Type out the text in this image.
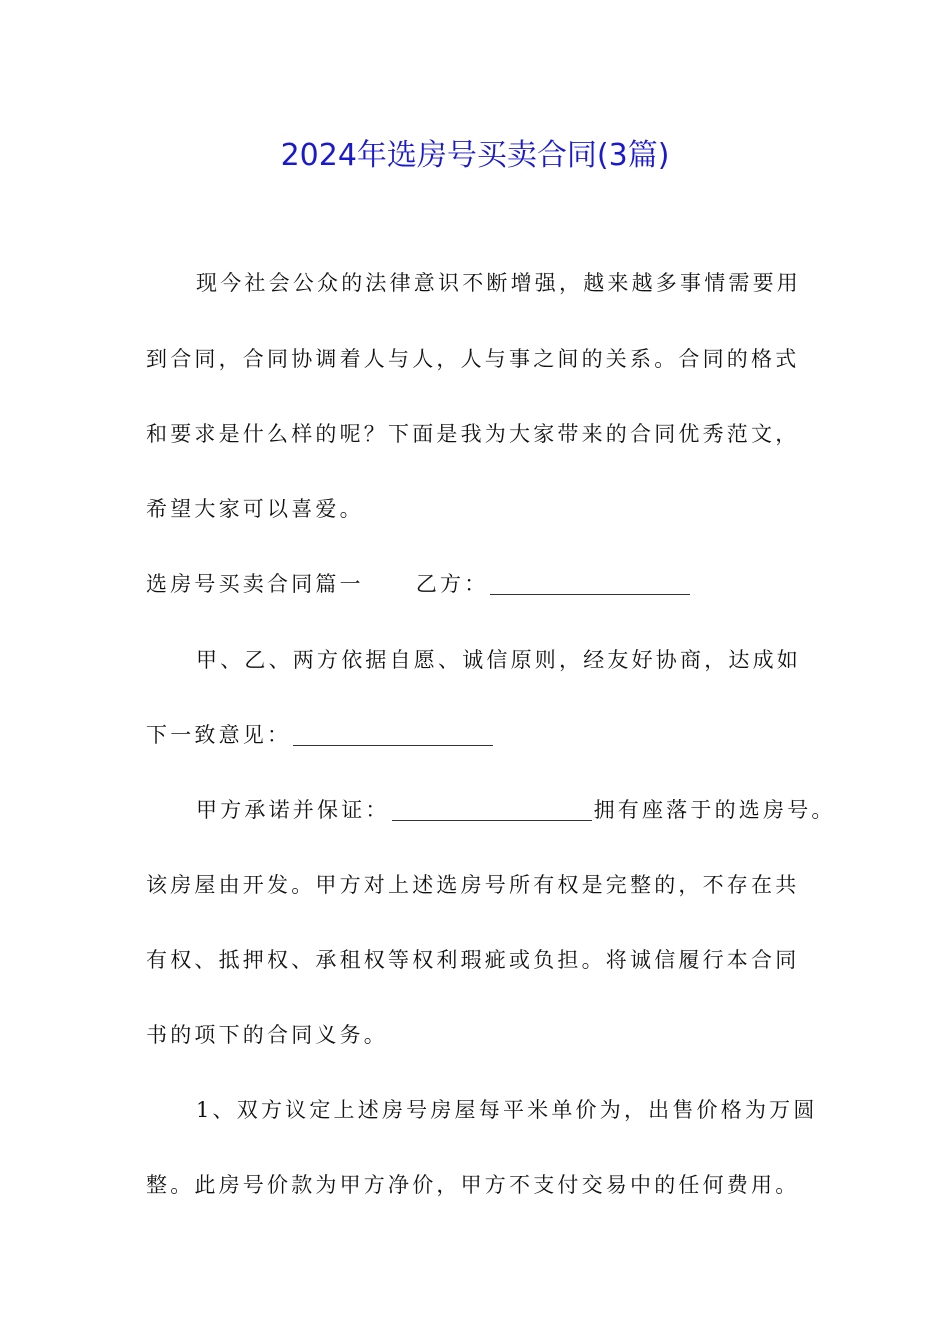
2024年选房号买卖合同(3篇)
现今社会公众的法律意识不断增强，越来越多事情需要用
到合同，合同协调着人与人，人与事之间的关系。合同的格式
和要求是什么样的呢？下面是我为大家带来的合同优秀范文，
希望大家可以喜爱。
选房号买卖合同篇一 乙方：
甲、乙、两方依据自愿、诚信原则，经友好协商，达成如
下一致意见：
甲方承诺并保证：	拥有座落于的选房号。
该房屋由开发。甲方对上述选房号所有权是完整的，不存在共
有权、抵押权、承租权等权利瑕疵或负担。将诚信履行本合同
书的项下的合同义务。
1、双方议定上述房号房屋每平米单价为，出售价格为万圆
整。此房号价款为甲方净价，甲方不支付交易中的任何费用。
